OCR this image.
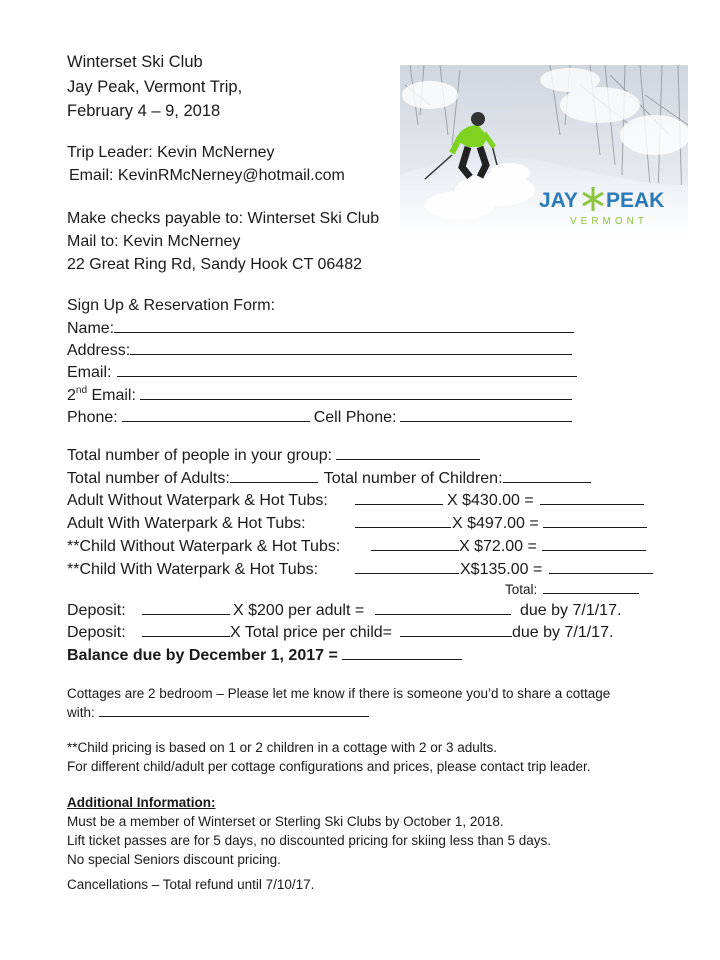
Winterset Ski Club
Jay Peak, Vermont Trip,
February 4 – 9, 2018
Trip Leader: Kevin McNerney
Email: KevinRMcNerney@hotmail.com
Make checks payable to: Winterset Ski Club
Mail to: Kevin McNerney
22 Great Ring Rd, Sandy Hook CT 06482
JAY PEAK
VERMONT
Sign Up & Reservation Form:
Name:
Address:
Email:
2nd Email:
Phone:	Cell Phone:
Total number of people in your group:
Total number of Adults:	Total number of Children:
Adult Without Waterpark & Hot Tubs:	X $430.00 =
Adult With Waterpark & Hot Tubs:	X $497.00 =
**Child Without Waterpark & Hot Tubs:	X $72.00 =
**Child With Waterpark & Hot Tubs:	X$135.00 =
Total:
Deposit:	X $200 per adult =	due by 7/1/17.
Deposit:	X Total price per child=	due by 7/1/17.
Balance due by December 1, 2017 =
Cottages are 2 bedroom – Please let me know if there is someone you’d to share a cottage
with:
**Child pricing is based on 1 or 2 children in a cottage with 2 or 3 adults.
For different child/adult per cottage configurations and prices, please contact trip leader.
Additional Information:
Must be a member of Winterset or Sterling Ski Clubs by October 1, 2018.
Lift ticket passes are for 5 days, no discounted pricing for skiing less than 5 days.
No special Seniors discount pricing.
Cancellations – Total refund until 7/10/17.
